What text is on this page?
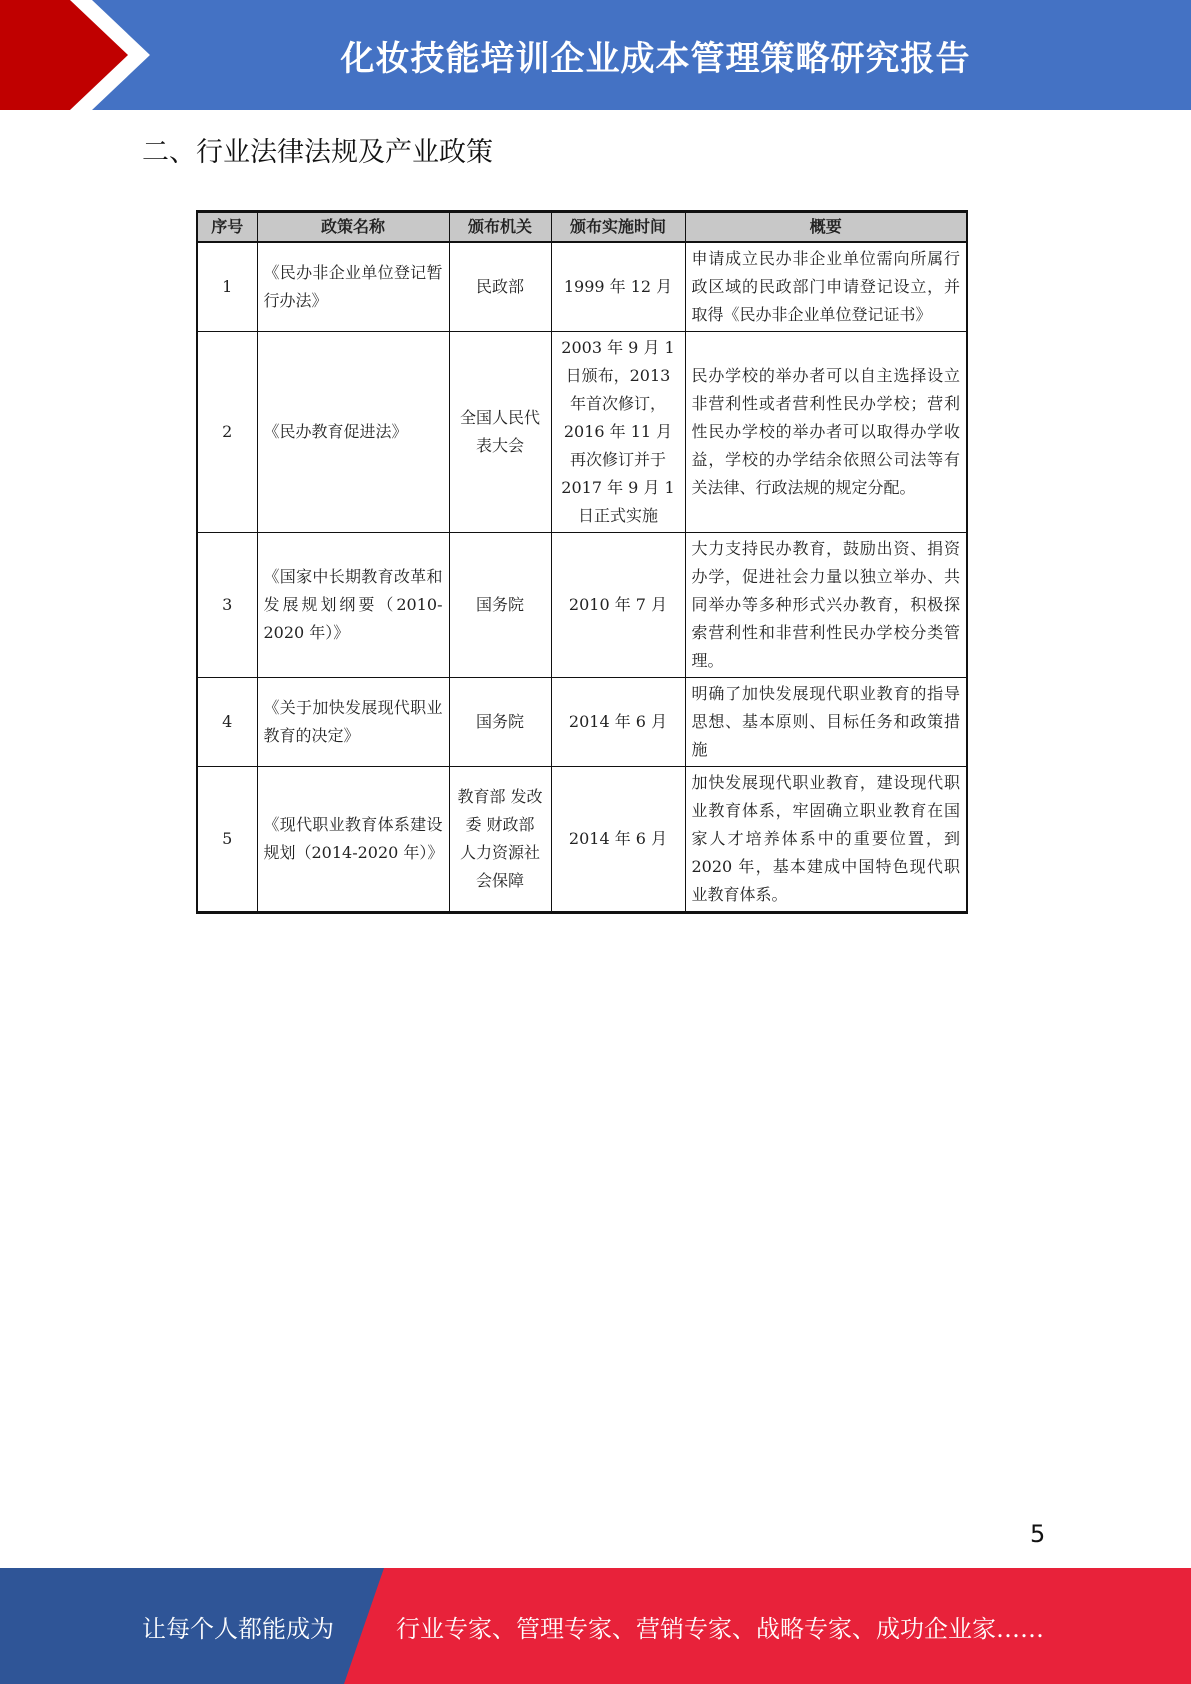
化妆技能培训企业成本管理策略研究报告
二、行业法律法规及产业政策
序号	政策名称	颁布机关	颁布实施时间	概要
1	《民办非企业单位登记暂行办法》	民政部	1999 年 12 月	申请成立民办非企业单位需向所属行政区域的民政部门申请登记设立，并取得《民办非企业单位登记证书》
2	《民办教育促进法》	全国人民代表大会	2003 年 9 月 1 日颁布，2013 年首次修订，2016 年 11 月再次修订并于 2017 年 9 月 1 日正式实施	民办学校的举办者可以自主选择设立非营利性或者营利性民办学校；营利性民办学校的举办者可以取得办学收益，学校的办学结余依照公司法等有关法律、行政法规的规定分配。
3	《国家中长期教育改革和发展规划纲要（2010-2020 年）》	国务院	2010 年 7 月	大力支持民办教育，鼓励出资、捐资办学，促进社会力量以独立举办、共同举办等多种形式兴办教育，积极探索营利性和非营利性民办学校分类管理。
4	《关于加快发展现代职业教育的决定》	国务院	2014 年 6 月	明确了加快发展现代职业教育的指导思想、基本原则、目标任务和政策措施
5	《现代职业教育体系建设规划（2014-2020 年）》	教育部 发改委 财政部 人力资源社会保障	2014 年 6 月	加快发展现代职业教育，建设现代职业教育体系，牢固确立职业教育在国家人才培养体系中的重要位置，到 2020 年，基本建成中国特色现代职业教育体系。
5
让每个人都能成为	行业专家、管理专家、营销专家、战略专家、成功企业家……
